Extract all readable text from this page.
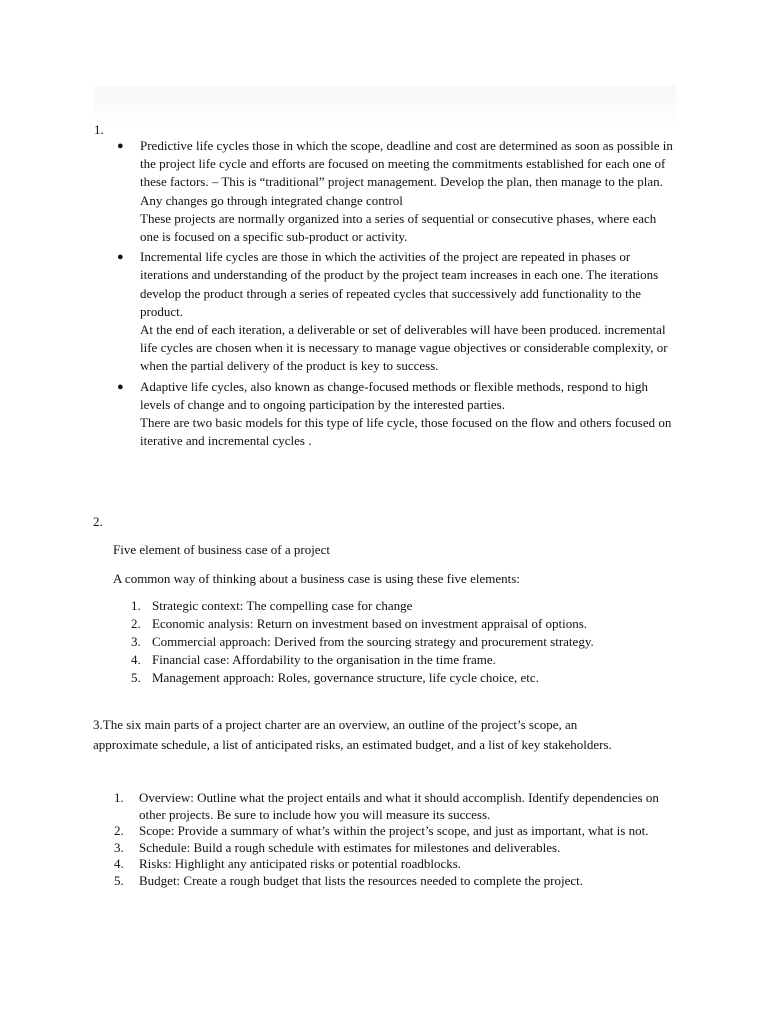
1.
● Predictive life cycles those in which the scope, deadline and cost are determined as soon as possible in the project life cycle and efforts are focused on meeting the commitments established for each one of these factors. – This is “traditional” project management. Develop the plan, then manage to the plan. Any changes go through integrated change control

These projects are normally organized into a series of sequential or consecutive phases, where each one is focused on a specific sub-product or activity.

● Incremental life cycles are those in which the activities of the project are repeated in phases or iterations and understanding of the product by the project team increases in each one. The iterations develop the product through a series of repeated cycles that successively add functionality to the product.

At the end of each iteration, a deliverable or set of deliverables will have been produced. incremental life cycles are chosen when it is necessary to manage vague objectives or considerable complexity, or when the partial delivery of the product is key to success.

● Adaptive life cycles, also known as change-focused methods or flexible methods, respond to high levels of change and to ongoing participation by the interested parties.

There are two basic models for this type of life cycle, those focused on the flow and others focused on iterative and incremental cycles .

2.
Five element of business case of a project
A common way of thinking about a business case is using these five elements:
1. Strategic context: The compelling case for change
2. Economic analysis: Return on investment based on investment appraisal of options.
3. Commercial approach: Derived from the sourcing strategy and procurement strategy.
4. Financial case: Affordability to the organisation in the time frame.
5. Management approach: Roles, governance structure, life cycle choice, etc.
3.The six main parts of a project charter are an overview, an outline of the project’s scope, an approximate schedule, a list of anticipated risks, an estimated budget, and a list of key stakeholders.
1. Overview: Outline what the project entails and what it should accomplish. Identify dependencies on other projects. Be sure to include how you will measure its success.
2. Scope: Provide a summary of what’s within the project’s scope, and just as important, what is not.
3. Schedule: Build a rough schedule with estimates for milestones and deliverables.
4. Risks: Highlight any anticipated risks or potential roadblocks.
5. Budget: Create a rough budget that lists the resources needed to complete the project.
